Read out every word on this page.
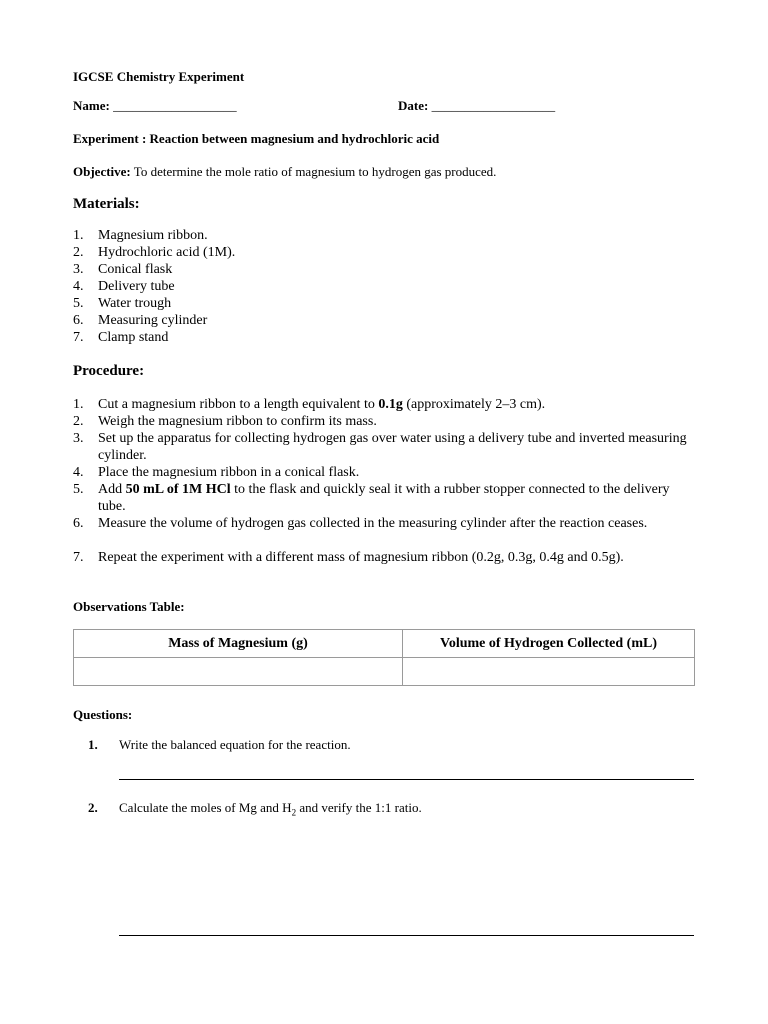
IGCSE Chemistry Experiment
Name: ___________________	Date: ___________________
Experiment : Reaction between magnesium and hydrochloric acid
Objective: To determine the mole ratio of magnesium to hydrogen gas produced.
Materials:
1.	Magnesium ribbon.
2.	Hydrochloric acid (1M).
3.	Conical flask
4.	Delivery tube
5.	Water trough
6.	Measuring cylinder
7.	Clamp stand
Procedure:
1.	Cut a magnesium ribbon to a length equivalent to 0.1g (approximately 2–3 cm).
2.	Weigh the magnesium ribbon to confirm its mass.
3.	Set up the apparatus for collecting hydrogen gas over water using a delivery tube and inverted measuring cylinder.
4.	Place the magnesium ribbon in a conical flask.
5.	Add 50 mL of 1M HCl to the flask and quickly seal it with a rubber stopper connected to the delivery tube.
6.	Measure the volume of hydrogen gas collected in the measuring cylinder after the reaction ceases.
7.	Repeat the experiment with a different mass of magnesium ribbon (0.2g, 0.3g, 0.4g and 0.5g).
Observations Table:
Mass of Magnesium (g)	Volume of Hydrogen Collected (mL)

Questions:
1. Write the balanced equation for the reaction.
2. Calculate the moles of Mg and $H_2$ and verify the 1:1 ratio.
